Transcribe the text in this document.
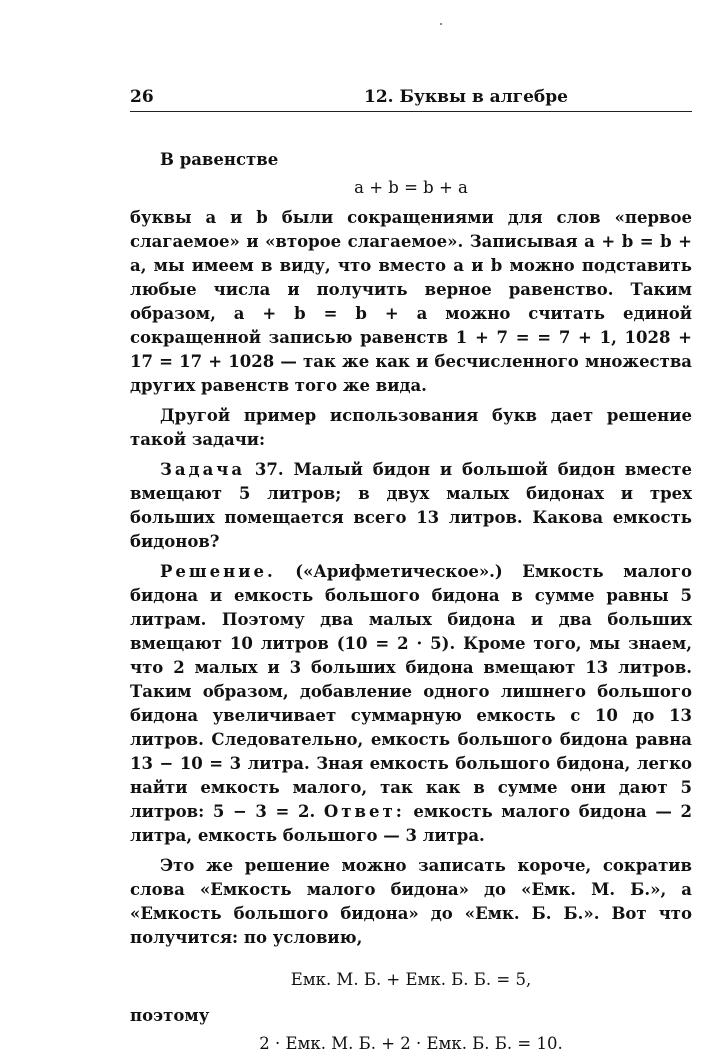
26	12. Буквы в алгебре

В равенстве

a + b = b + a

буквы a и b были сокращениями для слов «первое слагаемое» и «второе слагаемое». Записывая a + b = b + a, мы имеем в виду, что вместо a и b можно подставить любые числа и получить верное равенство. Таким образом, a + b = b + a можно считать единой сокращенной записью равенств 1 + 7 = = 7 + 1, 1028 + 17 = 17 + 1028 — так же как и бесчисленного множества других равенств того же вида.

Другой пример использования букв дает решение такой задачи:

Задача 37. Малый бидон и большой бидон вместе вмещают 5 литров; в двух малых бидонах и трех больших помещается всего 13 литров. Какова емкость бидонов?

Решение. («Арифметическое».) Емкость малого бидона и емкость большого бидона в сумме равны 5 литрам. Поэтому два малых бидона и два больших вмещают 10 литров (10 = 2 · 5). Кроме того, мы знаем, что 2 малых и 3 больших бидона вмещают 13 литров. Таким образом, добавление одного лишнего большого бидона увеличивает суммарную емкость с 10 до 13 литров. Следовательно, емкость большого бидона равна 13 − 10 = 3 литра. Зная емкость большого бидона, легко найти емкость малого, так как в сумме они дают 5 литров: 5 − 3 = 2. Ответ: емкость малого бидона — 2 литра, емкость большого — 3 литра.

Это же решение можно записать короче, сократив слова «Емкость малого бидона» до «Емк. М. Б.», а «Емкость большого бидона» до «Емк. Б. Б.». Вот что получится: по условию,

Емк. М. Б. + Емк. Б. Б. = 5,

поэтому

2 · Емк. М. Б. + 2 · Емк. Б. Б. = 10.
